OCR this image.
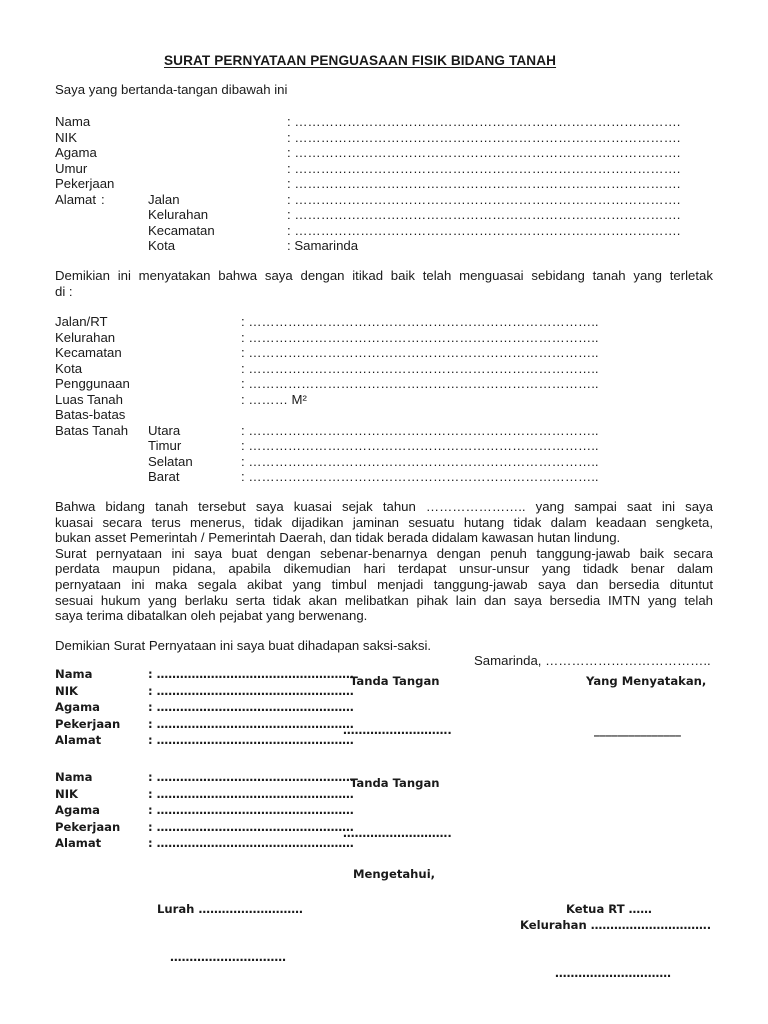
SURAT PERNYATAAN PENGUASAAN FISIK BIDANG TANAH
Saya yang bertanda-tangan dibawah ini
Nama
NIK
Agama
Umur
Pekerjaan
Alamat :	Jalan
Kelurahan
Kecamatan
Kota
: …………………………………………………………………………….
: …………………………………………………………………………….
: …………………………………………………………………………….
: …………………………………………………………………………….
: …………………………………………………………………………….
: …………………………………………………………………………….
: …………………………………………………………………………….
: …………………………………………………………………………….
: Samarinda
Demikian ini menyatakan bahwa saya dengan itikad baik telah menguasai sebidang tanah yang terletak
di :
Jalan/RT
Kelurahan
Kecamatan
Kota
Penggunaan
Luas Tanah
Batas-batas
Batas Tanah Utara
Timur
Selatan
Barat
: ……………………………………………………………………..
: ……………………………………………………………………..
: ……………………………………………………………………..
: ……………………………………………………………………..
: ……………………………………………………………………..
: ……… M²
: ……………………………………………………………………..
: ……………………………………………………………………..
: ……………………………………………………………………..
: ……………………………………………………………………..
Bahwa bidang tanah tersebut saya kuasai sejak tahun ………………….. yang sampai saat ini saya
kuasai secara terus menerus, tidak dijadikan jaminan sesuatu hutang tidak dalam keadaan sengketa,
bukan asset Pemerintah / Pemerintah Daerah, dan tidak berada didalam kawasan hutan lindung.
Surat pernyataan ini saya buat dengan sebenar-benarnya dengan penuh tanggung-jawab baik secara
perdata maupun pidana, apabila dikemudian hari terdapat unsur-unsur yang tidadk benar dalam
pernyataan ini maka segala akibat yang timbul menjadi tanggung-jawab saya dan bersedia dituntut
sesuai hukum yang berlaku serta tidak akan melibatkan pihak lain dan saya bersedia IMTN yang telah
saya terima dibatalkan oleh pejabat yang berwenang.
Demikian Surat Pernyataan ini saya buat dihadapan saksi-saksi.
Samarinda, ………………………………..
Nama
NIK
Agama
Pekerjaan
Alamat
: ……………………………………………
: ……………………………………………
: ……………………………………………
: ……………………………………………
: ……………………………………………
Tanda Tangan
……………………….
Yang Menyatakan,
_______________
Nama
NIK
Agama
Pekerjaan
Alamat
: ……………………………………………
: ……………………………………………
: ……………………………………………
: ……………………………………………
: ……………………………………………
Tanda Tangan
……………………….
Mengetahui,
Lurah ………………………
…………………………
Ketua RT ……
Kelurahan ………………………….
…………………………
